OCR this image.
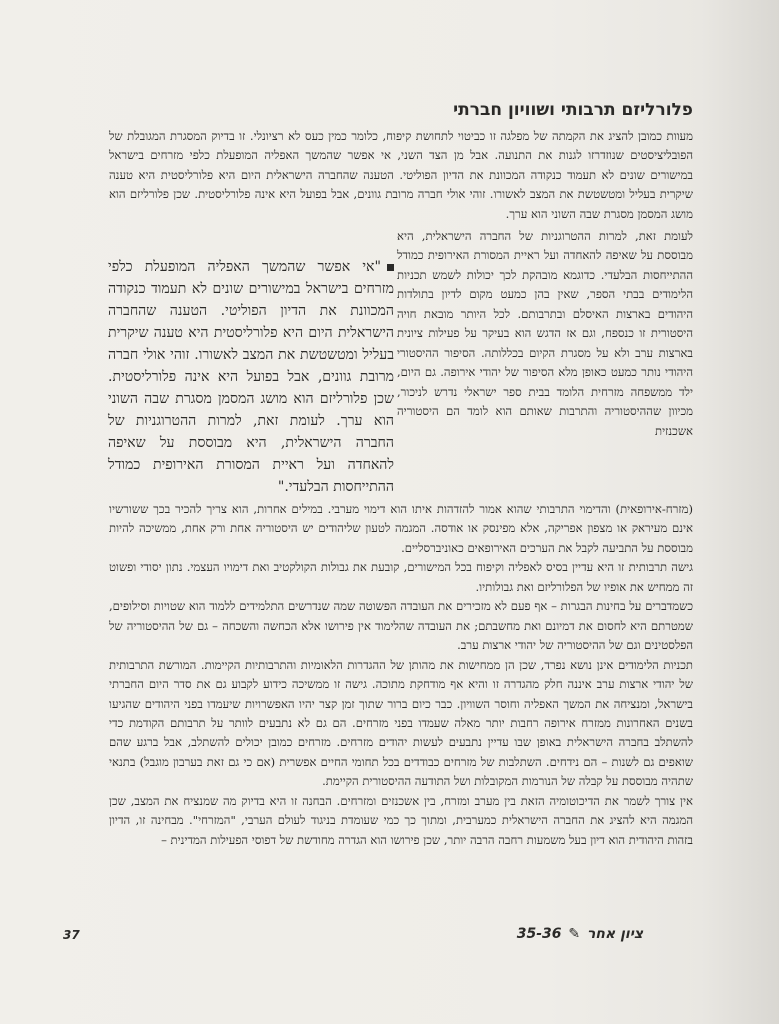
פלורליזם תרבותי ושוויון חברתי
מעוות כמובן להציג את הקמתה של מפלגה זו כביטוי לתחושת קיפוח, כלומר כמין כעס לא רציונלי. זו בדיוק המסגרת המגובלת של הפובליציסטים שנוזדרזו לגנות את התנועה. אבל מן הצד השני, אי אפשר שהמשך האפליה המופעלת כלפי מזרחים בישראל במישורים שונים לא תעמוד כנקודה המכוונת את הדיון הפוליטי. הטענה שהחברה הישראלית היום היא פלורליסטית היא טענה שיקרית בעליל ומטשטשת את המצב לאשורו. זוהי אולי חברה מרובת גוונים, אבל בפועל היא אינה פלורליסטית. שכן פלורליזם הוא מושג המסמן מסגרת שבה השוני הוא ערך.
"אי אפשר שהמשך האפליה המופעלת כלפי מזרחים בישראל במישורים שונים לא תעמוד כנקודה המכוונת את הדיון הפוליטי. הטענה שהחברה הישראלית היום היא פלורליסטית היא טענה שיקרית בעליל ומטשטשת את המצב לאשורו. זוהי אולי חברה מרובת גוונים, אבל בפועל היא אינה פלורליסטית. שכן פלורליזם הוא מושג המסמן מסגרת שבה השוני הוא ערך. לעומת זאת, למרות ההטרוגניות של החברה הישראלית, היא מבוססת על שאיפה להאחדה ועל ראיית המסורת האירופית כמודל ההתייחסות הבלעדי."
לעומת זאת, למרות ההטרוגניות של החברה הישראלית, היא מבוססת על שאיפה להאחדה ועל ראיית המסורת האירופית כמודל ההתייחסות הבלעדי. כדוגמא מובהקת לכך יכולות לשמש תכניות הלימודים בבתי הספר, שאין בהן כמעט מקום לדיון בתולדות היהודים בארצות האיסלם ובתרבותם. לכל היותר מובאת חויה היסטורית זו כנספח, וגם אז הדגש הוא בעיקר על פעילות ציונית בארצות ערב ולא על מסגרת הקיום בכללותה. הסיפור ההיסטורי היהודי נותר כמעט כאופן מלא הסיפור של יהודי אירופה. גם היום, ילד ממשפחה מזרחית הלומד בבית ספר ישראלי נדרש לניכור, מכיוון שההיסטוריה והתרבות שאותם הוא לומד הם היסטוריה אשכנזית
(מזרח-אירופאית) והדימוי התרבותי שהוא אמור להזדהות איתו הוא דימוי מערבי. במילים אחרות, הוא צריך להכיר בכך ששורשיו אינם מעיראק או מצפון אפריקה, אלא מפינסק או אודסה. המגמה לטעון שליהודים יש היסטוריה אחת ורק אחת, ממשיכה להיות מבוססת על התביעה לקבל את הערכים האירופאים כאוניברסליים.
גישה תרבותית זו היא עדיין בסיס לאפליה וקיפוח בכל המישורים, קובעת את גבולות הקולקטיב ואת דימויו העצמי. נתון יסודי ופשוט זה ממחיש את אופיו של הפלורליזם ואת גבולותיו.
כשמדברים על בחינות הבגרות – אף פעם לא מזכירים את העובדה הפשוטה שמה שנדרשים התלמידים ללמוד הוא שטויות וסילופים, שמטרתם היא לחסום את דמיונם ואת מחשבתם; את העובדה שהלימוד אין פירושו אלא הכחשה והשכחה – גם של ההיסטוריה של הפלסטינים וגם של ההיסטוריה של יהודי ארצות ערב.
תכניות הלימודים אינן נושא נפרד, שכן הן ממחישות את מהותן של ההגדרות הלאומיות והתרבותיות הקיימות. המורשת התרבותית של יהודי ארצות ערב איננה חלק מהגדרה זו והיא אף מודחקת מתוכה. גישה זו ממשיכה כידוע לקבוע גם את סדר היום החברתי בישראל, ומנציחה את המשך האפליה וחוסר השוויון. כבר כיום ברור שתוך זמן קצר יהיו האפשרויות שיעמדו בפני היהודים שהגיעו בשנים האחרונות ממזרח אירופה רחבות יותר מאלה שעמדו בפני מזרחים. הם גם לא נתבעים לוותר על תרבותם הקודמת כדי להשתלב בחברה הישראלית באופן שבו עדיין נתבעים לעשות יהודים מזרחים. מזרחים כמובן יכולים להשתלב, אבל ברגע שהם שואפים גם לשנות – הם נידחים. השתלבות של מזרחים כבודדים בכל תחומי החיים אפשרית (אם כי גם זאת בערבון מוגבל) בתנאי שתהיה מבוססת על קבלה של הנורמות המקובלות ושל התודעה ההיסטורית הקיימת.
אין צורך לשמר את הדיכוטומיה הזאת בין מערב ומזרח, בין אשכנזים ומזרחים. הבחנה זו היא בדיוק מה שמנציח את המצב, שכן המגמה היא להציג את החברה הישראלית כמערבית, ומתוך כך כמי שעומדת בניגוד לעולם הערבי, "המזרחי". מבחינה זו, הדיון בזהות היהודית הוא דיון בעל משמעות רחבה הרבה יותר, שכן פירושו הוא הגדרה מחודשת של דפוסי הפעילות המדינית –
37	ציון אחר ✎ 35-36
